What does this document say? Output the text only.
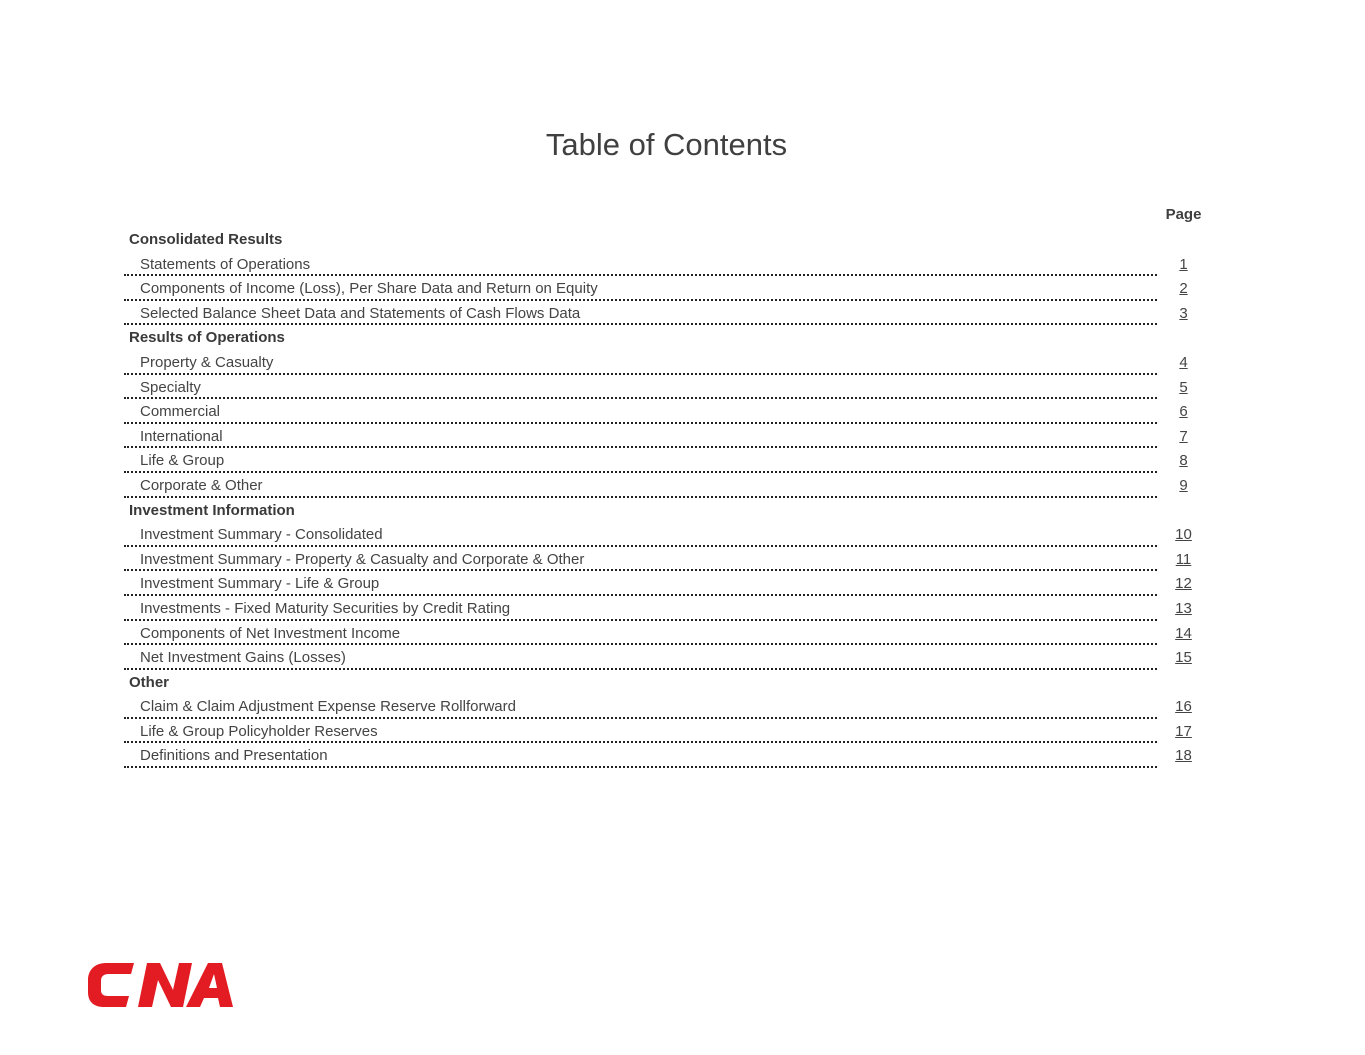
Table of Contents
Page
Consolidated Results
Statements of Operations	1
Components of Income (Loss), Per Share Data and Return on Equity	2
Selected Balance Sheet Data and Statements of Cash Flows Data	3
Results of Operations
Property & Casualty	4
Specialty	5
Commercial	6
International	7
Life & Group	8
Corporate & Other	9
Investment Information
Investment Summary - Consolidated	10
Investment Summary - Property & Casualty and Corporate & Other	11
Investment Summary - Life & Group	12
Investments - Fixed Maturity Securities by Credit Rating	13
Components of Net Investment Income	14
Net Investment Gains (Losses)	15
Other
Claim & Claim Adjustment Expense Reserve Rollforward	16
Life & Group Policyholder Reserves	17
Definitions and Presentation	18
